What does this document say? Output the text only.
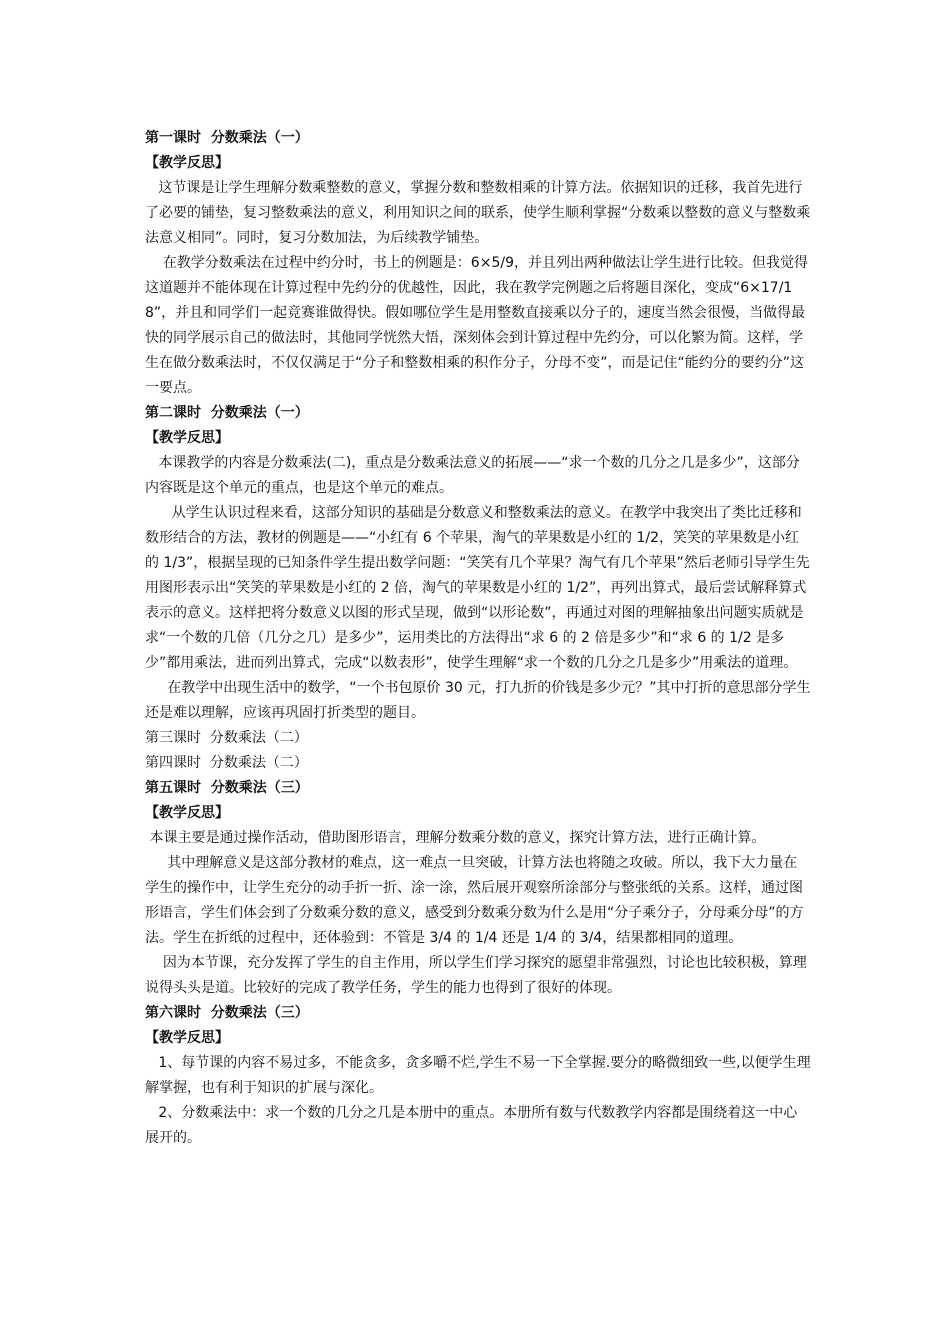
第一课时  分数乘法（一）

【教学反思】

这节课是让学生理解分数乘整数的意义，掌握分数和整数相乘的计算方法。依据知识的迁移，我首先进行了必要的铺垫，复习整数乘法的意义，利用知识之间的联系，使学生顺利掌握“分数乘以整数的意义与整数乘法意义相同”。同时，复习分数加法，为后续教学铺垫。

在教学分数乘法在过程中约分时，书上的例题是：6×5/9，并且列出两种做法让学生进行比较。但我觉得这道题并不能体现在计算过程中先约分的优越性，因此，我在教学完例题之后将题目深化，变成“6×17/18”，并且和同学们一起竞赛谁做得快。假如哪位学生是用整数直接乘以分子的，速度当然会很慢，当做得最快的同学展示自己的做法时，其他同学恍然大悟，深刻体会到计算过程中先约分，可以化繁为简。这样，学生在做分数乘法时，不仅仅满足于“分子和整数相乘的积作分子，分母不变”，而是记住“能约分的要约分”这一要点。

第二课时  分数乘法（一）

【教学反思】

本课教学的内容是分数乘法(二)，重点是分数乘法意义的拓展——“求一个数的几分之几是多少”，这部分内容既是这个单元的重点，也是这个单元的难点。

从学生认识过程来看，这部分知识的基础是分数意义和整数乘法的意义。在教学中我突出了类比迁移和数形结合的方法，教材的例题是——“小红有 6 个苹果，淘气的苹果数是小红的 1/2，笑笑的苹果数是小红的 1/3”，根据呈现的已知条件学生提出数学问题：“笑笑有几个苹果？淘气有几个苹果”然后老师引导学生先用图形表示出“笑笑的苹果数是小红的 2 倍，淘气的苹果数是小红的 1/2”，再列出算式，最后尝试解释算式表示的意义。这样把将分数意义以图的形式呈现，做到“以形论数”，再通过对图的理解抽象出问题实质就是求“一个数的几倍（几分之几）是多少”，运用类比的方法得出“求 6 的 2 倍是多少”和“求 6 的 1/2 是多少”都用乘法，进而列出算式，完成“以数表形”，使学生理解“求一个数的几分之几是多少”用乘法的道理。

在教学中出现生活中的数学，“一个书包原价 30 元，打九折的价钱是多少元？”其中打折的意思部分学生还是难以理解，应该再巩固打折类型的题目。

第三课时  分数乘法（二）

第四课时  分数乘法（二）

第五课时  分数乘法（三）

【教学反思】

本课主要是通过操作活动，借助图形语言，理解分数乘分数的意义，探究计算方法，进行正确计算。

其中理解意义是这部分教材的难点，这一难点一旦突破，计算方法也将随之攻破。所以，我下大力量在学生的操作中，让学生充分的动手折一折、涂一涂，然后展开观察所涂部分与整张纸的关系。这样，通过图形语言，学生们体会到了分数乘分数的意义，感受到分数乘分数为什么是用“分子乘分子，分母乘分母”的方法。学生在折纸的过程中，还体验到：不管是 3/4 的 1/4 还是 1/4 的 3/4，结果都相同的道理。

因为本节课，充分发挥了学生的自主作用，所以学生们学习探究的愿望非常强烈，讨论也比较积极，算理说得头头是道。比较好的完成了教学任务，学生的能力也得到了很好的体现。

第六课时  分数乘法（三）

【教学反思】

1、每节课的内容不易过多，不能贪多，贪多嚼不烂,学生不易一下全掌握.要分的略微细致一些,以便学生理解掌握，也有利于知识的扩展与深化。

2、分数乘法中：求一个数的几分之几是本册中的重点。本册所有数与代数教学内容都是围绕着这一中心展开的。
